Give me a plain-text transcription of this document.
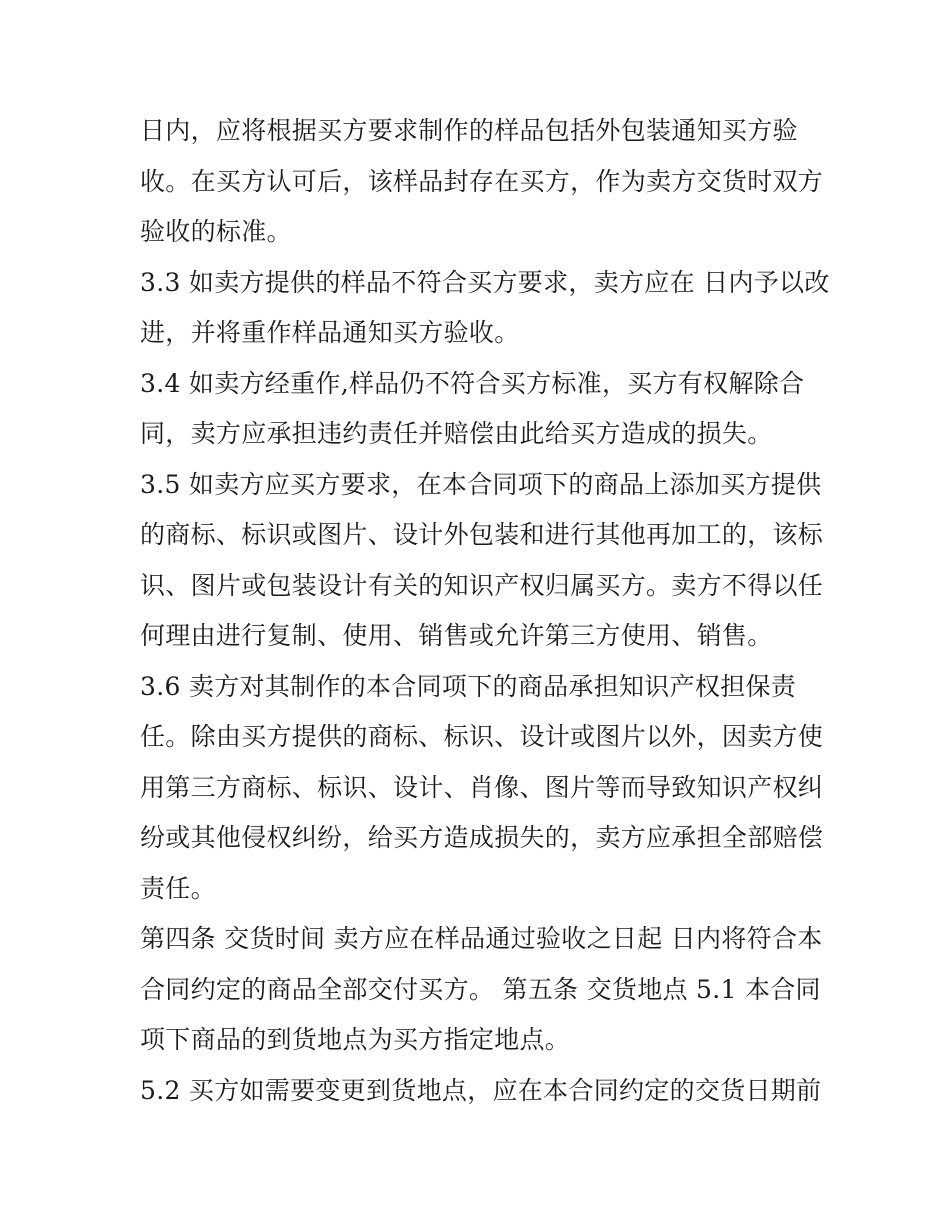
日内，应将根据买方要求制作的样品包括外包装通知买方验
收。在买方认可后，该样品封存在买方，作为卖方交货时双方
验收的标准。
3.3 如卖方提供的样品不符合买方要求，卖方应在 日内予以改
进，并将重作样品通知买方验收。
3.4 如卖方经重作,样品仍不符合买方标准，买方有权解除合
同，卖方应承担违约责任并赔偿由此给买方造成的损失。
3.5 如卖方应买方要求，在本合同项下的商品上添加买方提供
的商标、标识或图片、设计外包装和进行其他再加工的，该标
识、图片或包装设计有关的知识产权归属买方。卖方不得以任
何理由进行复制、使用、销售或允许第三方使用、销售。
3.6 卖方对其制作的本合同项下的商品承担知识产权担保责
任。除由买方提供的商标、标识、设计或图片以外，因卖方使
用第三方商标、标识、设计、肖像、图片等而导致知识产权纠
纷或其他侵权纠纷，给买方造成损失的，卖方应承担全部赔偿
责任。
第四条 交货时间 卖方应在样品通过验收之日起 日内将符合本
合同约定的商品全部交付买方。 第五条 交货地点 5.1 本合同
项下商品的到货地点为买方指定地点。
5.2 买方如需要变更到货地点，应在本合同约定的交货日期前
